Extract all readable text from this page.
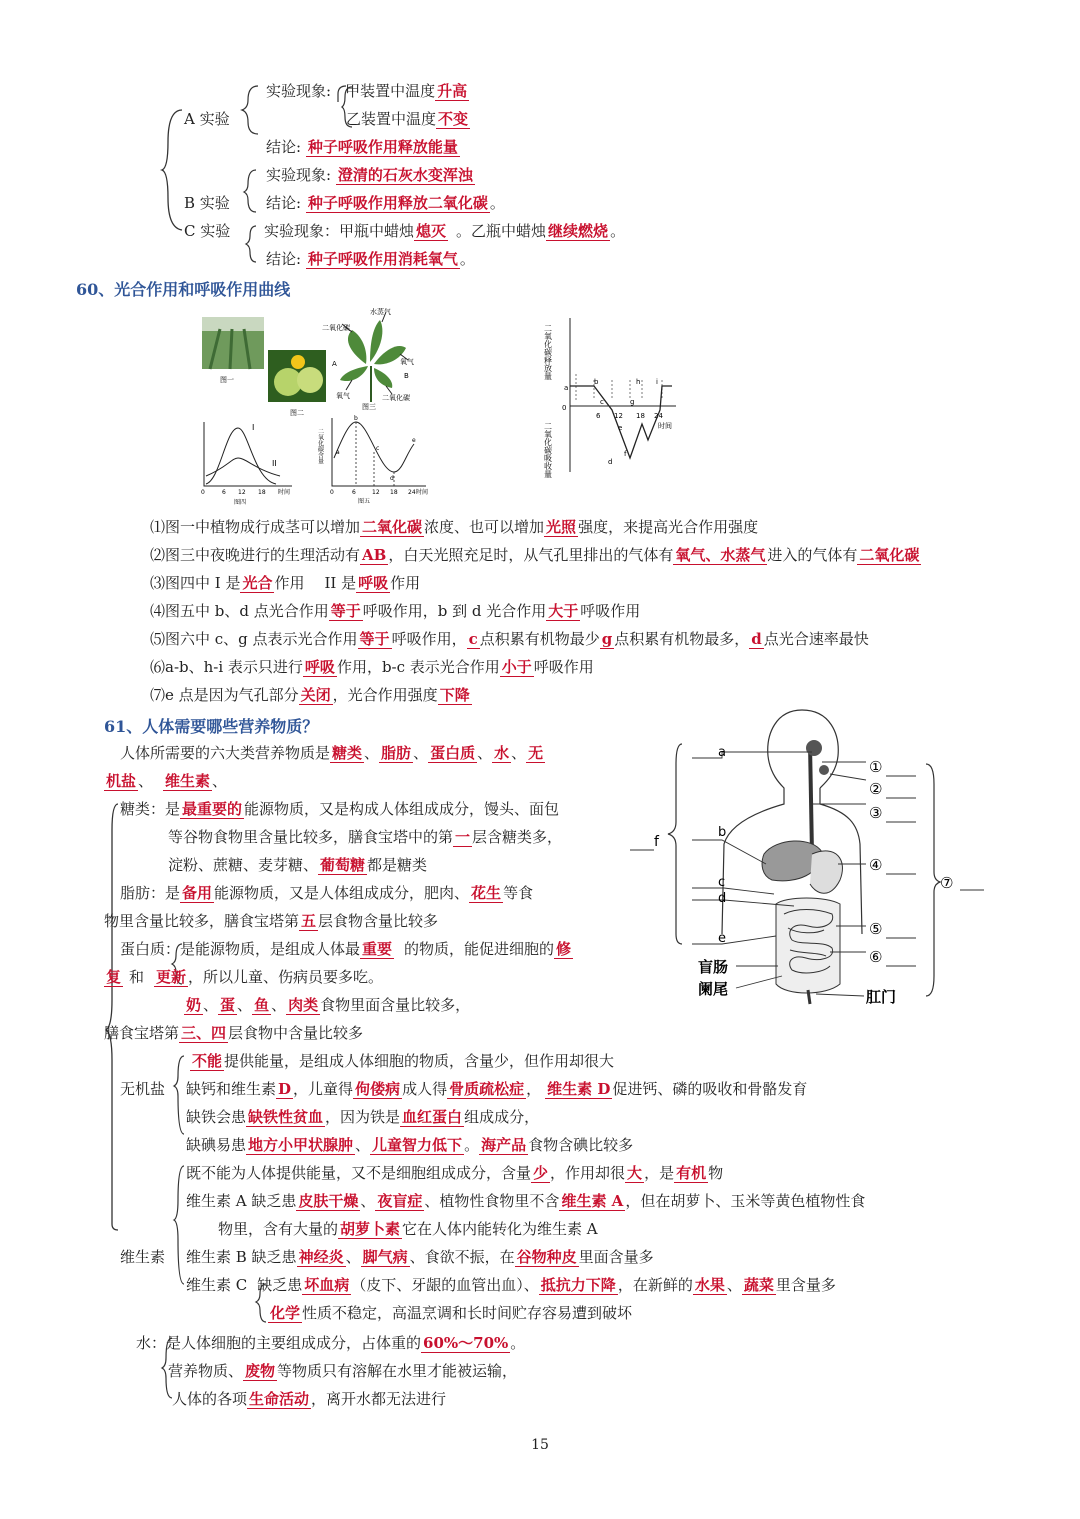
A 实验
实验现象: 甲装置中温度 升高
乙装置中温度 不变
结论: 种子呼吸作用释放能量
实验现象: 澄清的石灰水变浑浊
B 实验 结论: 种子呼吸作用释放二氧化碳 。
C 实验 实验现象：甲瓶中蜡烛 熄灭 。乙瓶中蜡烛 继续燃烧 。
结论: 种子呼吸作用消耗氧气 。
60、光合作用和呼吸作用曲线
图一
图二
二氧化碳
水蒸气
氧气
氧气	二氧化碳
A
B
图三
I
II
0	6 12 18 时间
图四
二氧化碳含量 a
b
c
d
e
0	6	12 18 24 时间
图五
二氧化碳释放量
二氧化碳吸收量
a
0
b
c
d
e
f
g
h i
6 12 18 24
时间
⑴图一中植物成行成茎可以增加 二氧化碳 浓度、也可以增加 光照 强度，来提高光合作用强度
⑵图三中夜晚进行的生理活动有 AB ，白天光照充足时，从气孔里排出的气体有 氧气、水蒸气 进入的气体有 二氧化碳
⑶图四中 I 是 光合 作用 II 是 呼吸 作用
⑷图五中 b、d 点光合作用 等于 呼吸作用，b 到 d 光合作用 大于 呼吸作用
⑸图六中 c、g 点表示光合作用 等于 呼吸作用， c 点积累有机物最少 g 点积累有机物最多， d 点光合速率最快
⑹a-b、h-i 表示只进行 呼吸 作用，b-c 表示光合作用 小于 呼吸作用
⑺e 点是因为气孔部分 关闭 ，光合作用强度 下降
61、人体需要哪些营养物质？
a
b
c
d
e
f
①
②
③
④
⑤
⑥
⑦
盲肠
阑尾	肛门
人体所需要的六大类营养物质是 糖类 、 脂肪 、 蛋白质 、 水 、 无
机盐 、 维生素 、
糖类：是 最重要的 能源物质，又是构成人体组成成分，馒头、面包
等谷物食物里含量比较多，膳食宝塔中的第 一 层含糖类多，
淀粉、蔗糖、麦芽糖、 葡萄糖 都是糖类
脂肪：是 备用 能源物质，又是人体组成成分，肥肉、 花生 等食
物里含量比较多，膳食宝塔第 五 层食物含量比较多
蛋白质：是能源物质，是组成人体最 重要 的物质，能促进细胞的 修
复 和 更新 ，所以儿童、伤病员要多吃。
奶 、 蛋 、 鱼 、 肉类 食物里面含量比较多，
膳食宝塔第 三、四 层食物中含量比较多
不能 提供能量，是组成人体细胞的物质，含量少，但作用却很大
无机盐 缺钙和维生素 D ，儿童得 佝偻病 成人得 骨质疏松症 ， 维生素 D 促进钙、磷的吸收和骨骼发育
缺铁会患 缺铁性贫血 ，因为铁是 血红蛋白 组成成分，
缺碘易患 地方小甲状腺肿 、 儿童智力低下 。 海产品 食物含碘比较多
既不能为人体提供能量，又不是细胞组成成分，含量 少 ，作用却很 大 ，是 有机 物
维生素 A 缺乏患 皮肤干燥 、 夜盲症 、植物性食物里不含 维生素 A ，但在胡萝卜、玉米等黄色植物性食
物里，含有大量的 胡萝卜素 它在人体内能转化为维生素 A
维生素 维生素 B 缺乏患 神经炎 、 脚气病 、食欲不振，在 谷物种皮 里面含量多
维生素 C 缺乏患 坏血病 （皮下、牙龈的血管出血）、 抵抗力下降 ，在新鲜的 水果 、 蔬菜 里含量多
化学 性质不稳定，高温烹调和长时间贮存容易遭到破坏
水：是人体细胞的主要组成成分，占体重的 60%～70% 。
营养物质、 废物 等物质只有溶解在水里才能被运输，
人体的各项 生命活动 ，离开水都无法进行
15
